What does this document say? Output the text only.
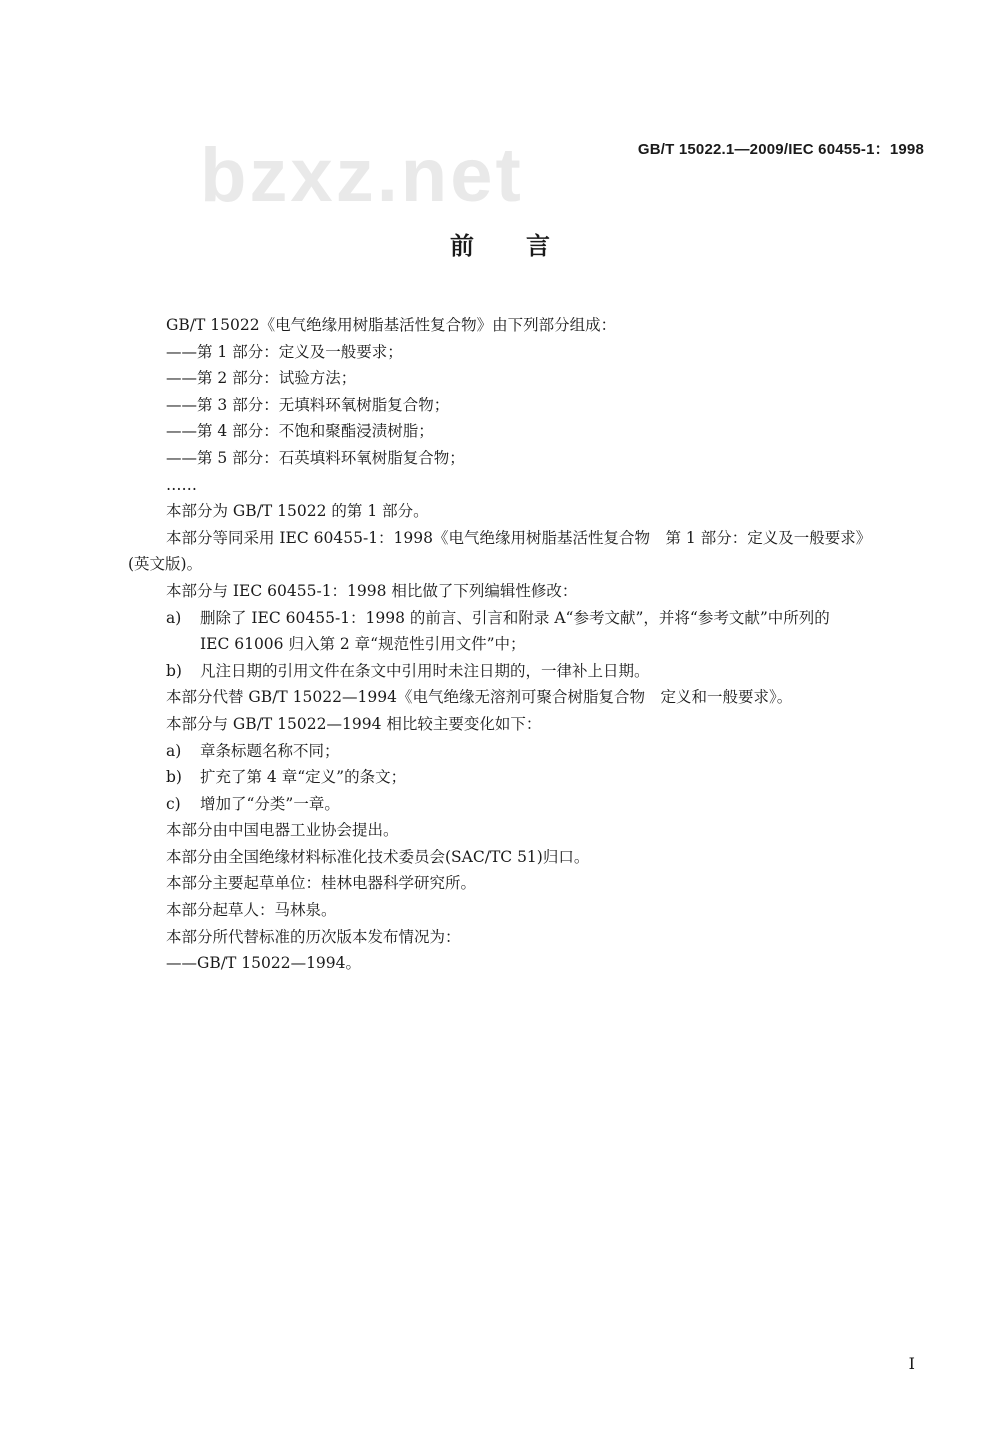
bzxz.net	GB/T 15022.1—2009/IEC 60455-1：1998
前言
GB/T 15022《电气绝缘用树脂基活性复合物》由下列部分组成：
——第 1 部分：定义及一般要求；
——第 2 部分：试验方法；
——第 3 部分：无填料环氧树脂复合物；
——第 4 部分：不饱和聚酯浸渍树脂；
——第 5 部分：石英填料环氧树脂复合物；
……
本部分为 GB/T 15022 的第 1 部分。
本部分等同采用 IEC 60455-1：1998《电气绝缘用树脂基活性复合物　第 1 部分：定义及一般要求》
(英文版)。
本部分与 IEC 60455-1：1998 相比做了下列编辑性修改：
a) 删除了 IEC 60455-1：1998 的前言、引言和附录 A“参考文献”，并将“参考文献”中所列的
IEC 61006 归入第 2 章“规范性引用文件”中；
b) 凡注日期的引用文件在条文中引用时未注日期的，一律补上日期。
本部分代替 GB/T 15022—1994《电气绝缘无溶剂可聚合树脂复合物　定义和一般要求》。
本部分与 GB/T 15022—1994 相比较主要变化如下：
a) 章条标题名称不同；
b) 扩充了第 4 章“定义”的条文；
c) 增加了“分类”一章。
本部分由中国电器工业协会提出。
本部分由全国绝缘材料标准化技术委员会(SAC/TC 51)归口。
本部分主要起草单位：桂林电器科学研究所。
本部分起草人：马林泉。
本部分所代替标准的历次版本发布情况为：
——GB/T 15022—1994。
I
